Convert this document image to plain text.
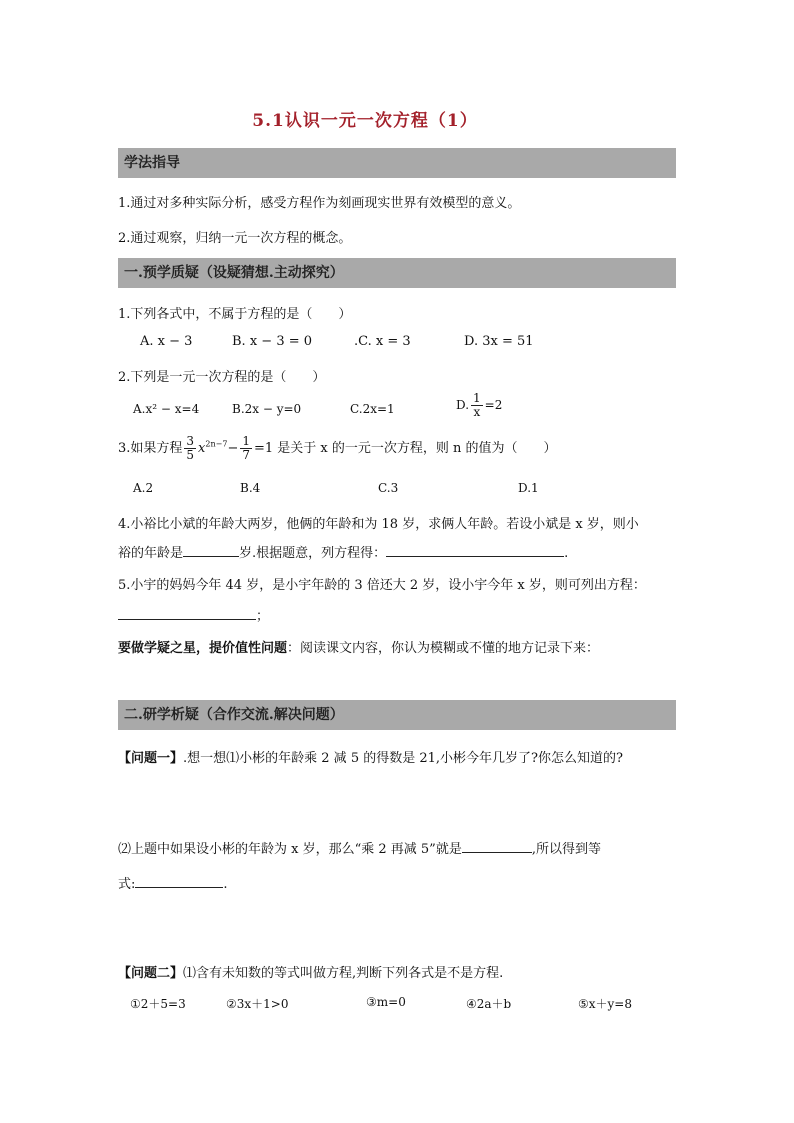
5.1认识一元一次方程（1）
学法指导
1.通过对多种实际分析，感受方程作为刻画现实世界有效模型的意义。
2.通过观察，归纳一元一次方程的概念。
一.预学质疑（设疑猜想.主动探究）
1.下列各式中，不属于方程的是（　　）
A. x − 3	B. x − 3 = 0	.C. x = 3	D. 3x = 51
2.下列是一元一次方程的是（　　）
A.x² − x=4	B.2x − y=0	C.2x=1	D. $\frac{1}{x} =2$
3.如果方程 $\frac{3}{5} x^{2n-7}- \frac{1}{7} =1$ 是关于 x 的一元一次方程，则 n 的值为（　　）
A.2	B.4	C.3	D.1
4.小裕比小斌的年龄大两岁，他俩的年龄和为 18 岁，求俩人年龄。若设小斌是 x 岁，则小
裕的年龄是	岁.根据题意，列方程得：	.
5.小宇的妈妈今年 44 岁，是小宇年龄的 3 倍还大 2 岁，设小宇今年 x 岁，则可列出方程：
；
要做学疑之星，提价值性问题：阅读课文内容，你认为模糊或不懂的地方记录下来：
二.研学析疑（合作交流.解决问题）
【问题一】.想一想⑴小彬的年龄乘 2 减 5 的得数是 21,小彬今年几岁了?你怎么知道的?
⑵上题中如果设小彬的年龄为 x 岁，那么“乘 2 再减 5”就是	,所以得到等
式:	.
【问题二】⑴含有未知数的等式叫做方程,判断下列各式是不是方程.
①2＋5=3	②3x＋1>0	③m=0	④2a＋b	⑤x＋y=8
